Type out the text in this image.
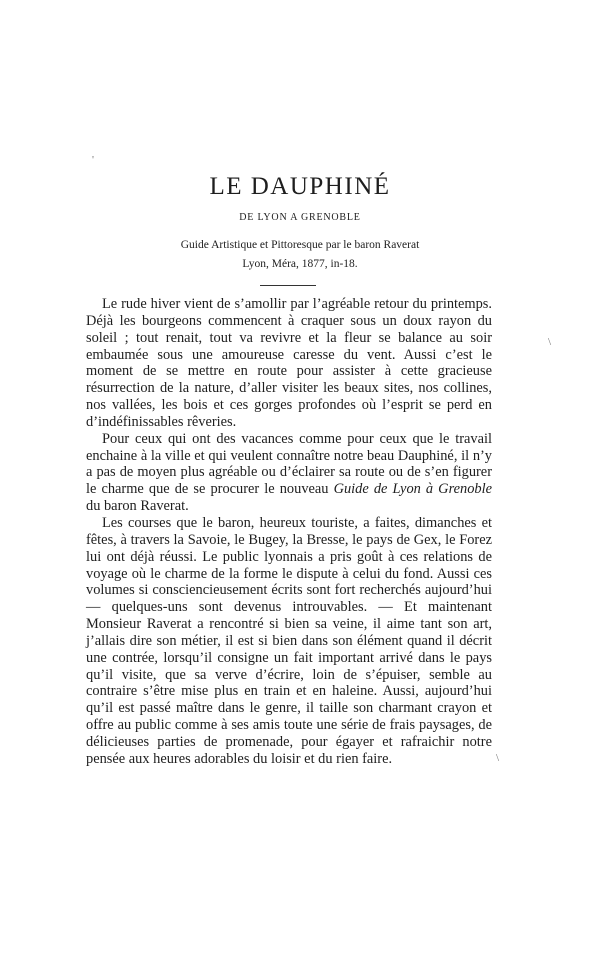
LE DAUPHINÉ
DE LYON A GRENOBLE
Guide Artistique et Pittoresque par le baron Raverat
Lyon, Méra, 1877, in-18.

Le rude hiver vient de s’amollir par l’agréable retour du printemps. Déjà les bourgeons commencent à craquer sous un doux rayon du soleil ; tout renait, tout va revivre et la fleur se balance au soir embaumée sous une amoureuse caresse du vent. Aussi c’est le moment de se mettre en route pour assister à cette gracieuse résurrection de la nature, d’aller visiter les beaux sites, nos collines, nos vallées, les bois et ces gorges profondes où l’esprit se perd en d’indéfinissables rêveries.

Pour ceux qui ont des vacances comme pour ceux que le travail enchaine à la ville et qui veulent connaître notre beau Dauphiné, il n’y a pas de moyen plus agréable ou d’éclairer sa route ou de s’en figurer le charme que de se procurer le nouveau Guide de Lyon à Grenoble du baron Raverat.

Les courses que le baron, heureux touriste, a faites, dimanches et fêtes, à travers la Savoie, le Bugey, la Bresse, le pays de Gex, le Forez lui ont déjà réussi. Le public lyonnais a pris goût à ces relations de voyage où le charme de la forme le dispute à celui du fond. Aussi ces volumes si consciencieusement écrits sont fort recherchés aujourd’hui — quelques-uns sont devenus introuvables. — Et maintenant Monsieur Raverat a rencontré si bien sa veine, il aime tant son art, j’allais dire son métier, il est si bien dans son élément quand il décrit une contrée, lorsqu’il consigne un fait important arrivé dans le pays qu’il visite, que sa verve d’écrire, loin de s’épuiser, semble au contraire s’être mise plus en train et en haleine. Aussi, aujourd’hui qu’il est passé maître dans le genre, il taille son charmant crayon et offre au public comme à ses amis toute une série de frais paysages, de délicieuses parties de promenade, pour égayer et rafraichir notre pensée aux heures adorables du loisir et du rien faire.

'
\
\
